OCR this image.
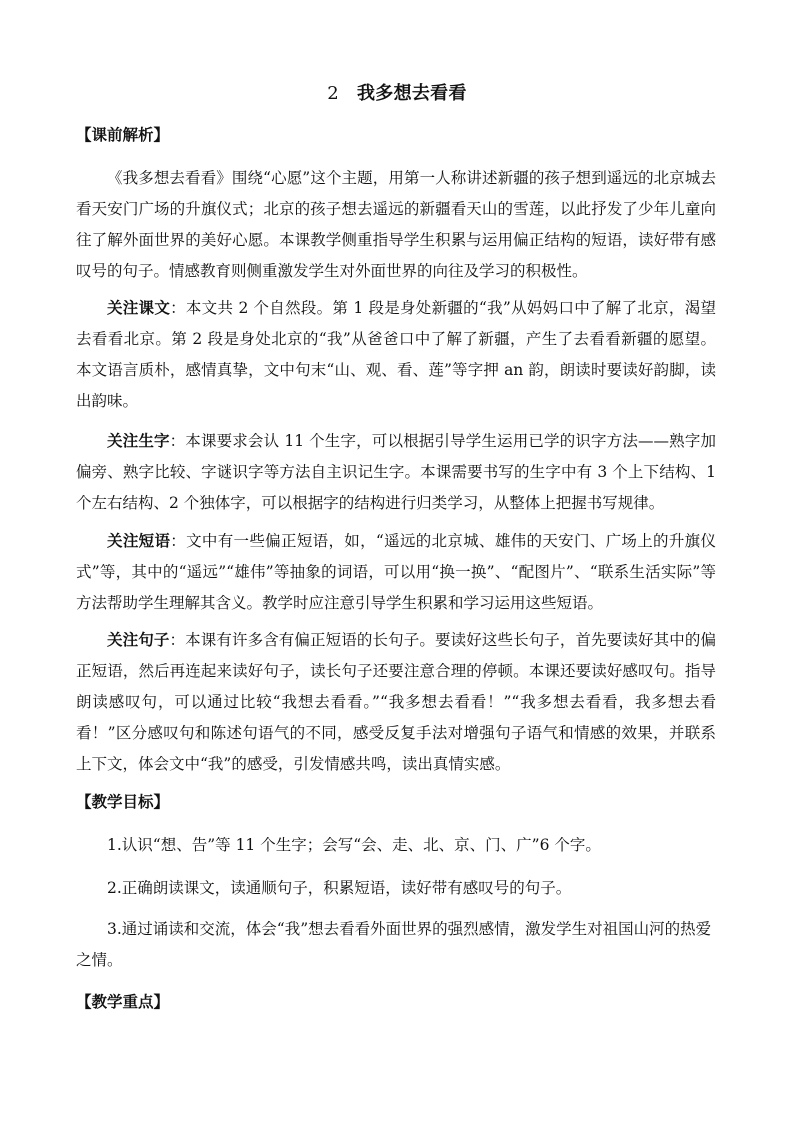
2 我多想去看看
【课前解析】

《我多想去看看》围绕“心愿”这个主题，用第一人称讲述新疆的孩子想到遥远的北京城去看天安门广场的升旗仪式；北京的孩子想去遥远的新疆看天山的雪莲，以此抒发了少年儿童向往了解外面世界的美好心愿。本课教学侧重指导学生积累与运用偏正结构的短语，读好带有感叹号的句子。情感教育则侧重激发学生对外面世界的向往及学习的积极性。

关注课文：本文共 2 个自然段。第 1 段是身处新疆的“我”从妈妈口中了解了北京，渴望去看看北京。第 2 段是身处北京的“我”从爸爸口中了解了新疆，产生了去看看新疆的愿望。本文语言质朴，感情真挚，文中句末“山、观、看、莲”等字押 an 韵，朗读时要读好韵脚，读出韵味。

关注生字：本课要求会认 11 个生字，可以根据引导学生运用已学的识字方法——熟字加偏旁、熟字比较、字谜识字等方法自主识记生字。本课需要书写的生字中有 3 个上下结构、1 个左右结构、2 个独体字，可以根据字的结构进行归类学习，从整体上把握书写规律。

关注短语：文中有一些偏正短语，如，“遥远的北京城、雄伟的天安门、广场上的升旗仪式”等，其中的“遥远”“雄伟”等抽象的词语，可以用“换一换”、“配图片”、“联系生活实际”等方法帮助学生理解其含义。教学时应注意引导学生积累和学习运用这些短语。

关注句子：本课有许多含有偏正短语的长句子。要读好这些长句子，首先要读好其中的偏正短语，然后再连起来读好句子，读长句子还要注意合理的停顿。本课还要读好感叹句。指导朗读感叹句，可以通过比较“我想去看看。”“我多想去看看！”“我多想去看看，我多想去看看！”区分感叹句和陈述句语气的不同，感受反复手法对增强句子语气和情感的效果，并联系上下文，体会文中“我”的感受，引发情感共鸣，读出真情实感。

【教学目标】

1.认识“想、告”等 11 个生字；会写“会、走、北、京、门、广”6 个字。

2.正确朗读课文，读通顺句子，积累短语，读好带有感叹号的句子。

3.通过诵读和交流，体会“我”想去看看外面世界的强烈感情，激发学生对祖国山河的热爱之情。

【教学重点】
